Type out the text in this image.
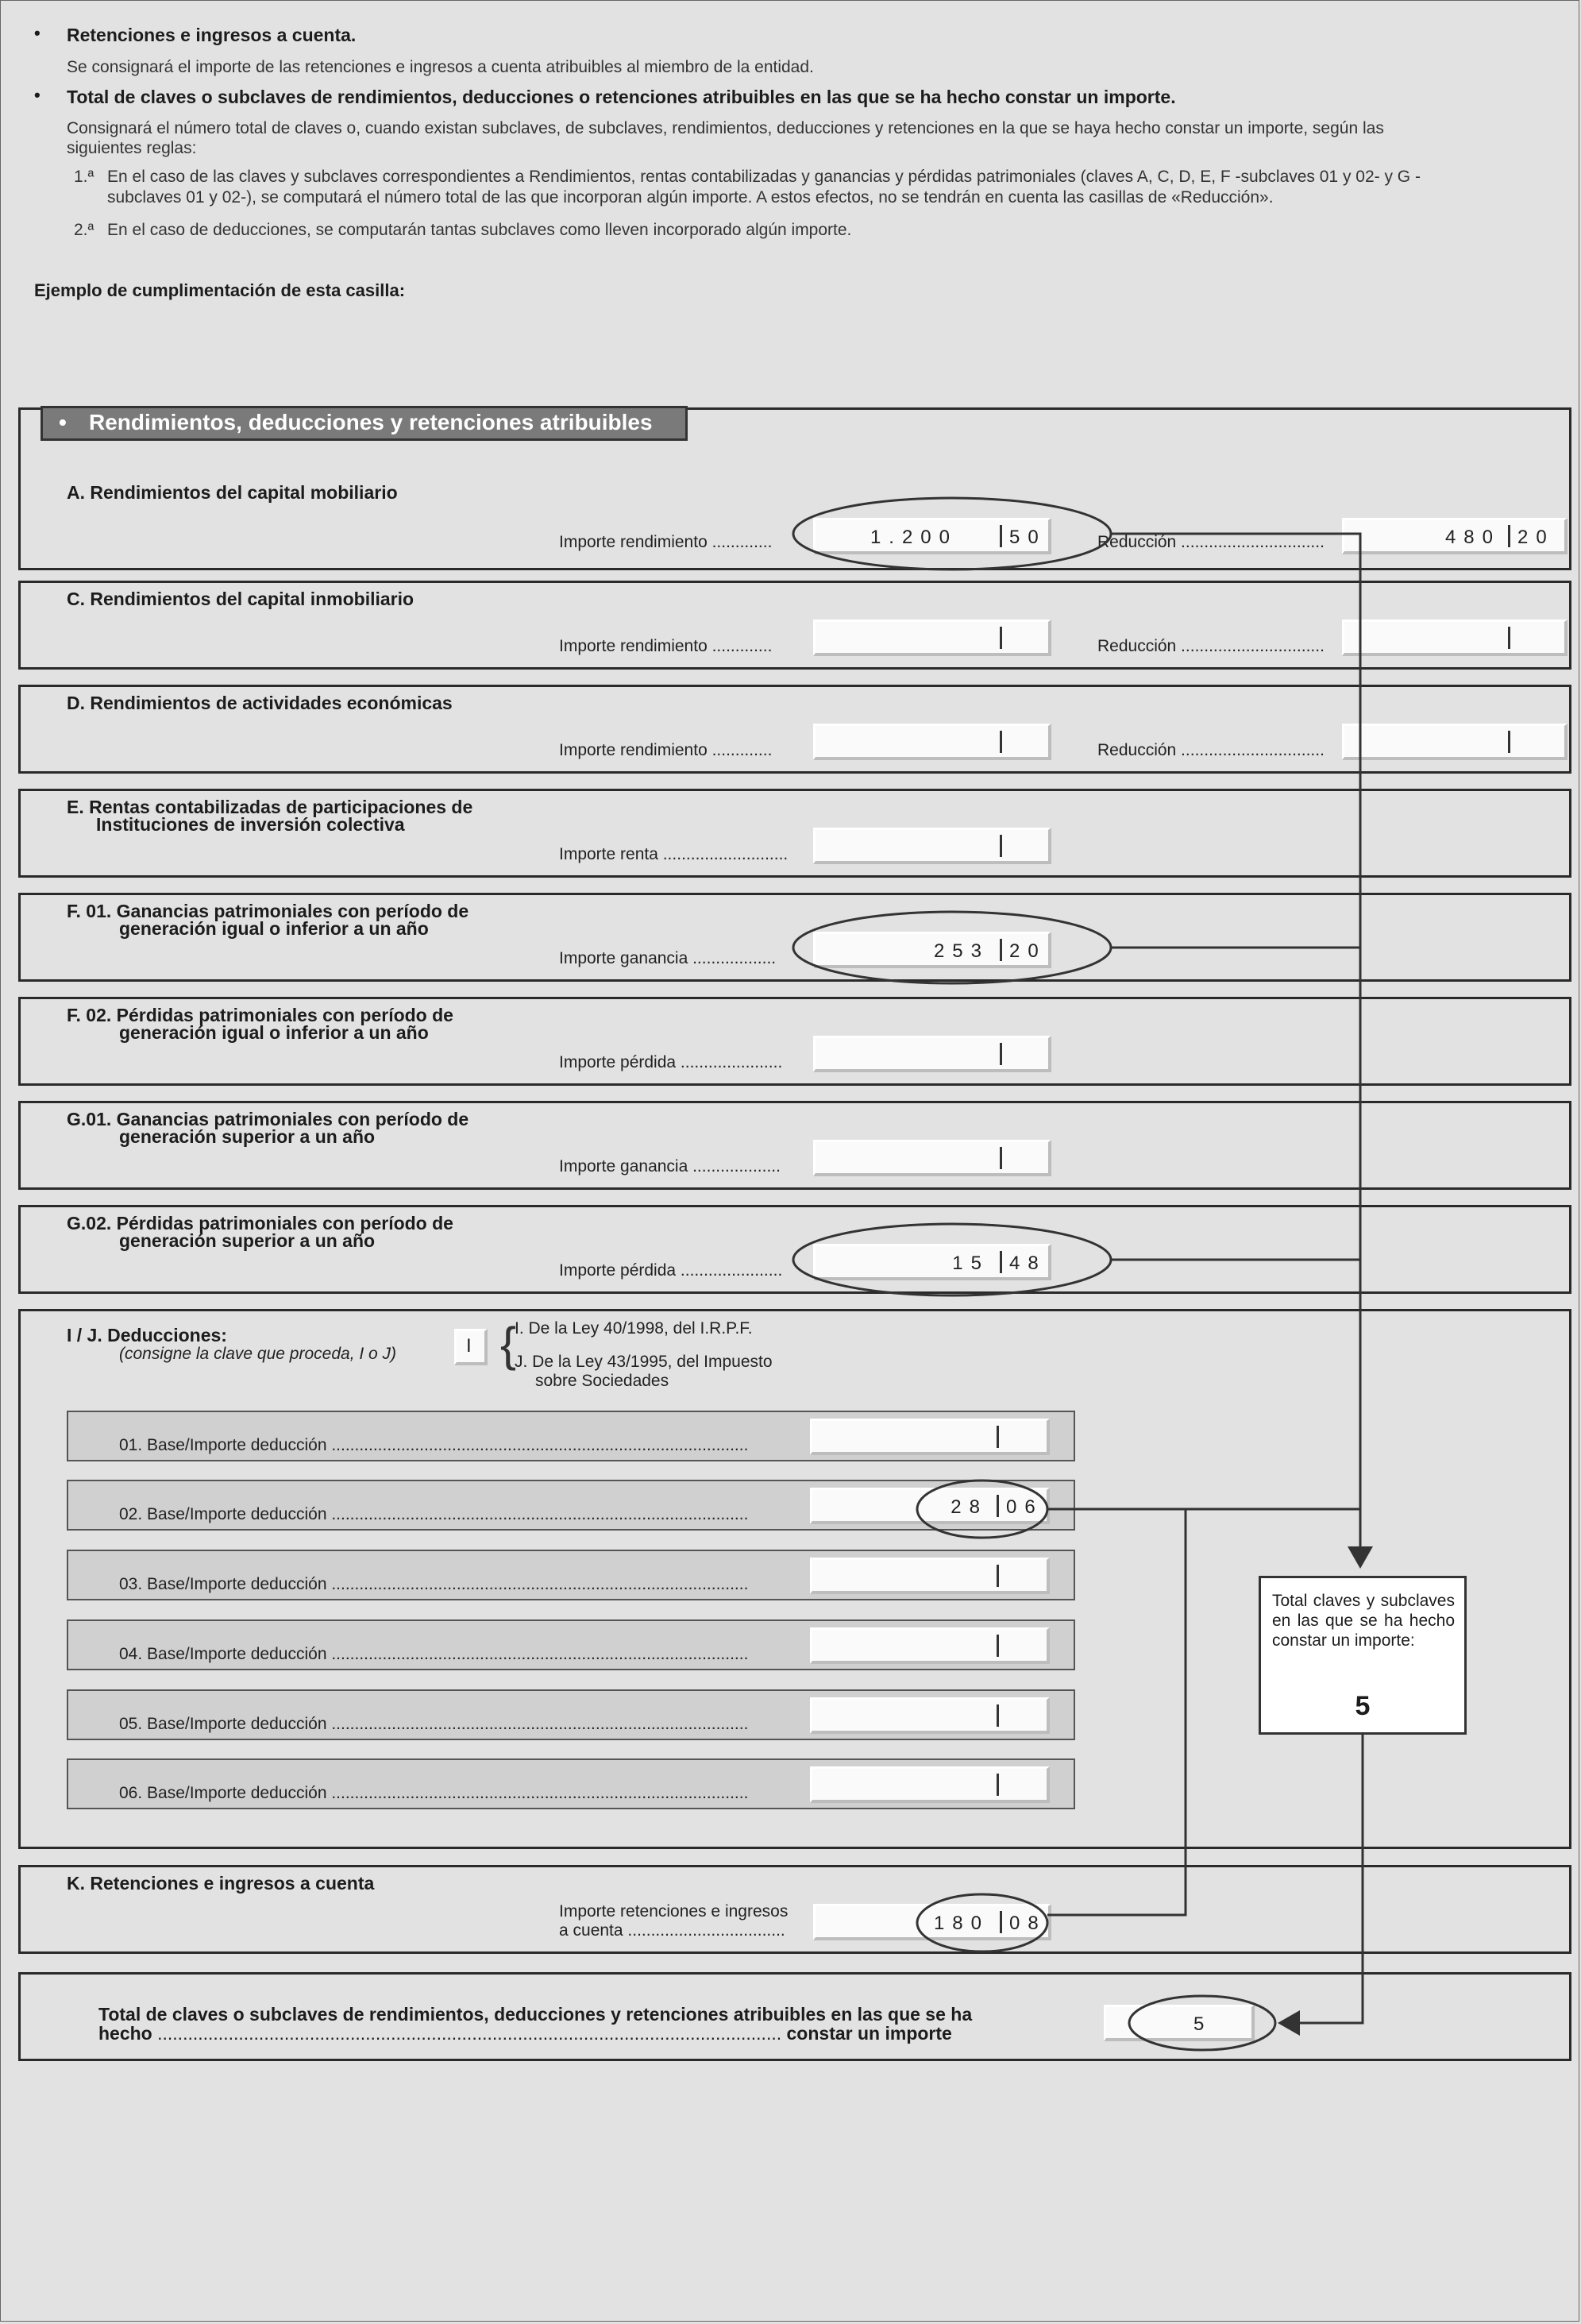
• Retenciones e ingresos a cuenta.
Se consignará el importe de las retenciones e ingresos a cuenta atribuibles al miembro de la entidad.
• Total de claves o subclaves de rendimientos, deducciones o retenciones atribuibles en las que se ha hecho constar un importe.
Consignará el número total de claves o, cuando existan subclaves, de subclaves, rendimientos, deducciones y retenciones en la que se haya hecho constar un importe, según las
siguientes reglas:
1.ª En el caso de las claves y subclaves correspondientes a Rendimientos, rentas contabilizadas y ganancias y pérdidas patrimoniales (claves A, C, D, E, F -subclaves 01 y 02- y G -
subclaves 01 y 02-), se computará el número total de las que incorporan algún importe. A estos efectos, no se tendrán en cuenta las casillas de «Reducción».
2.ª En el caso de deducciones, se computarán tantas subclaves como lleven incorporado algún importe.
Ejemplo de cumplimentación de esta casilla:
A. Rendimientos del capital mobiliario
Importe rendimiento .............	1.200	50	Reducción ...............................	480 20
• Rendimientos, deducciones y retenciones atribuibles
C. Rendimientos del capital inmobiliario
Importe rendimiento .............	Reducción ...............................
D. Rendimientos de actividades económicas
Importe rendimiento .............	Reducción ...............................
E. Rentas contabilizadas de participaciones de
Instituciones de inversión colectiva
Importe renta ...........................
F. 01. Ganancias patrimoniales con período de
generación igual o inferior a un año
Importe ganancia ..................	253 20
F. 02. Pérdidas patrimoniales con período de
generación igual o inferior a un año
Importe pérdida ......................
G.01. Ganancias patrimoniales con período de
generación superior a un año
Importe ganancia ...................
G.02. Pérdidas patrimoniales con período de
generación superior a un año
Importe pérdida ......................	15 48
I / J. Deducciones:
(consigne la clave que proceda, I o J)	I {
I. De la Ley 40/1998, del I.R.P.F.
J. De la Ley 43/1995, del Impuesto
sobre Sociedades
01. Base/Importe deducción ..........................................................................................
02. Base/Importe deducción ..........................................................................................	28 06
03. Base/Importe deducción ..........................................................................................
04. Base/Importe deducción ..........................................................................................
05. Base/Importe deducción ..........................................................................................
06. Base/Importe deducción ..........................................................................................
Total claves y subclaves en las que se ha hecho constar un importe:
5
K. Retenciones e ingresos a cuenta
Importe retenciones e ingresos
a cuenta ..................................	180 08
Total de claves o subclaves de rendimientos, deducciones y retenciones atribuibles en las que se ha
hecho ........................................................................................................................... constar un importe	5
